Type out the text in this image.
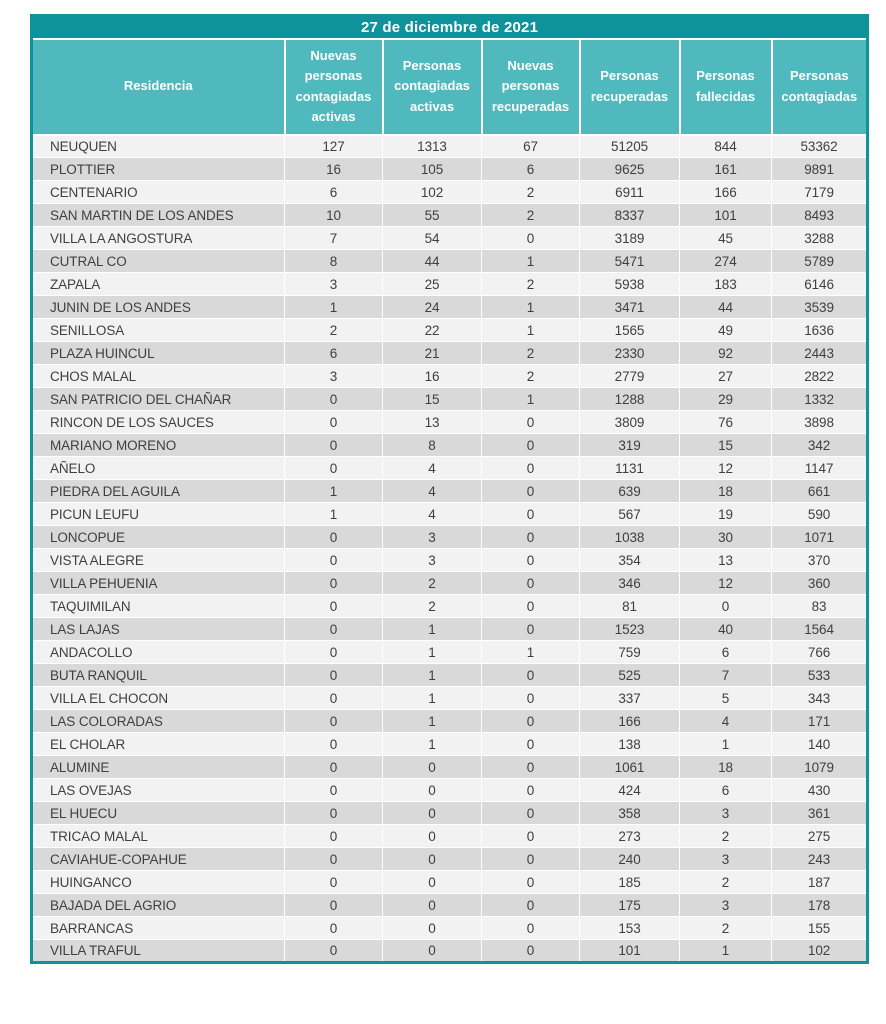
27 de diciembre de 2021						
Residencia	Nuevas personas contagiadas activas	Personas contagiadas activas	Nuevas personas recuperadas	Personas recuperadas	Personas fallecidas	Personas contagiadas
NEUQUEN	127	1313	67	51205	844	53362
PLOTTIER	16	105	6	9625	161	9891
CENTENARIO	6	102	2	6911	166	7179
SAN MARTIN DE LOS ANDES	10	55	2	8337	101	8493
VILLA LA ANGOSTURA	7	54	0	3189	45	3288
CUTRAL CO	8	44	1	5471	274	5789
ZAPALA	3	25	2	5938	183	6146
JUNIN DE LOS ANDES	1	24	1	3471	44	3539
SENILLOSA	2	22	1	1565	49	1636
PLAZA HUINCUL	6	21	2	2330	92	2443
CHOS MALAL	3	16	2	2779	27	2822
SAN PATRICIO DEL CHAÑAR	0	15	1	1288	29	1332
RINCON DE LOS SAUCES	0	13	0	3809	76	3898
MARIANO MORENO	0	8	0	319	15	342
AÑELO	0	4	0	1131	12	1147
PIEDRA DEL AGUILA	1	4	0	639	18	661
PICUN LEUFU	1	4	0	567	19	590
LONCOPUE	0	3	0	1038	30	1071
VISTA ALEGRE	0	3	0	354	13	370
VILLA PEHUENIA	0	2	0	346	12	360
TAQUIMILAN	0	2	0	81	0	83
LAS LAJAS	0	1	0	1523	40	1564
ANDACOLLO	0	1	1	759	6	766
BUTA RANQUIL	0	1	0	525	7	533
VILLA EL CHOCON	0	1	0	337	5	343
LAS COLORADAS	0	1	0	166	4	171
EL CHOLAR	0	1	0	138	1	140
ALUMINE	0	0	0	1061	18	1079
LAS OVEJAS	0	0	0	424	6	430
EL HUECU	0	0	0	358	3	361
TRICAO MALAL	0	0	0	273	2	275
CAVIAHUE-COPAHUE	0	0	0	240	3	243
HUINGANCO	0	0	0	185	2	187
BAJADA DEL AGRIO	0	0	0	175	3	178
BARRANCAS	0	0	0	153	2	155
VILLA TRAFUL	0	0	0	101	1	102
